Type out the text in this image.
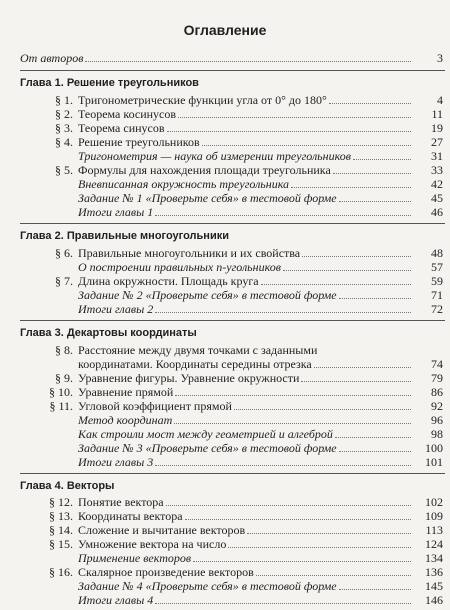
Оглавление
От авторов	3
Глава 1. Решение треугольников
§ 1. Тригонометрические функции угла от 0° до 180°	4
§ 2. Теорема косинусов	11
§ 3. Теорема синусов	19
§ 4. Решение треугольников	27
Тригонометрия — наука об измерении треугольников	31
§ 5. Формулы для нахождения площади треугольника	33
Вневписанная окружность треугольника	42
Задание № 1 «Проверьте себя» в тестовой форме	45
Итоги главы 1	46
Глава 2. Правильные многоугольники
§ 6. Правильные многоугольники и их свойства	48
О построении правильных n-угольников	57
§ 7. Длина окружности. Площадь круга	59
Задание № 2 «Проверьте себя» в тестовой форме	71
Итоги главы 2	72
Глава 3. Декартовы координаты
§ 8. Расстояние между двумя точками с заданными
координатами. Координаты середины отрезка	74
§ 9. Уравнение фигуры. Уравнение окружности	79
§ 10. Уравнение прямой	86
§ 11. Угловой коэффициент прямой	92
Метод координат	96
Как строили мост между геометрией и алгеброй	98
Задание № 3 «Проверьте себя» в тестовой форме	100
Итоги главы 3	101
Глава 4. Векторы
§ 12. Понятие вектора	102
§ 13. Координаты вектора	109
§ 14. Сложение и вычитание векторов	113
§ 15. Умножение вектора на число	124
Применение векторов	134
§ 16. Скалярное произведение векторов	136
Задание № 4 «Проверьте себя» в тестовой форме	145
Итоги главы 4	146
